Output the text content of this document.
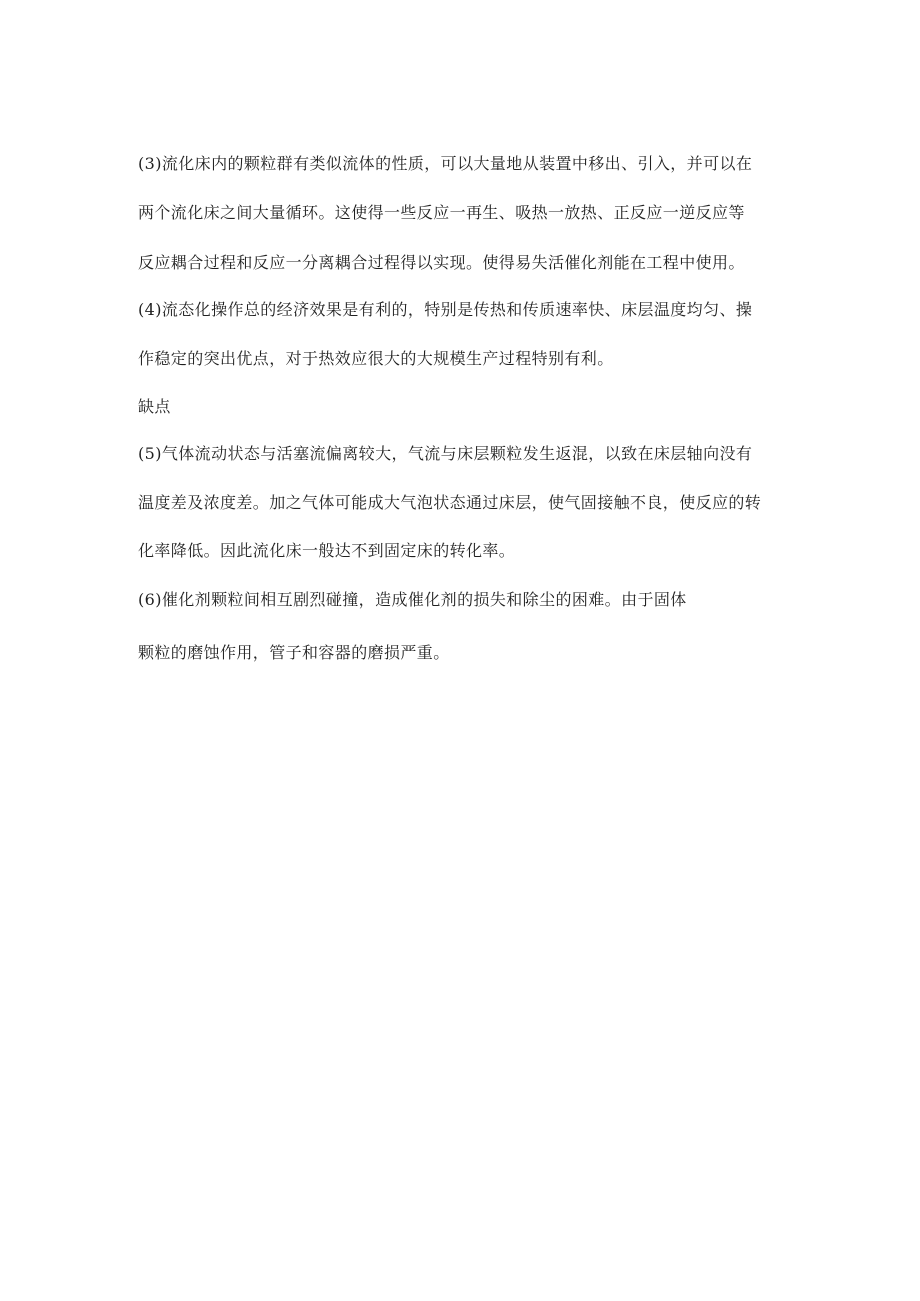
(3)流化床内的颗粒群有类似流体的性质，可以大量地从装置中移出、引入，并可以在
两个流化床之间大量循环。这使得一些反应一再生、吸热一放热、正反应一逆反应等
反应耦合过程和反应一分离耦合过程得以实现。使得易失活催化剂能在工程中使用。
(4)流态化操作总的经济效果是有利的，特别是传热和传质速率快、床层温度均匀、操
作稳定的突出优点，对于热效应很大的大规模生产过程特别有利。
缺点
(5)气体流动状态与活塞流偏离较大，气流与床层颗粒发生返混，以致在床层轴向没有
温度差及浓度差。加之气体可能成大气泡状态通过床层，使气固接触不良，使反应的转
化率降低。因此流化床一般达不到固定床的转化率。
(6)催化剂颗粒间相互剧烈碰撞，造成催化剂的损失和除尘的困难。由于固体
颗粒的磨蚀作用，管子和容器的磨损严重。
